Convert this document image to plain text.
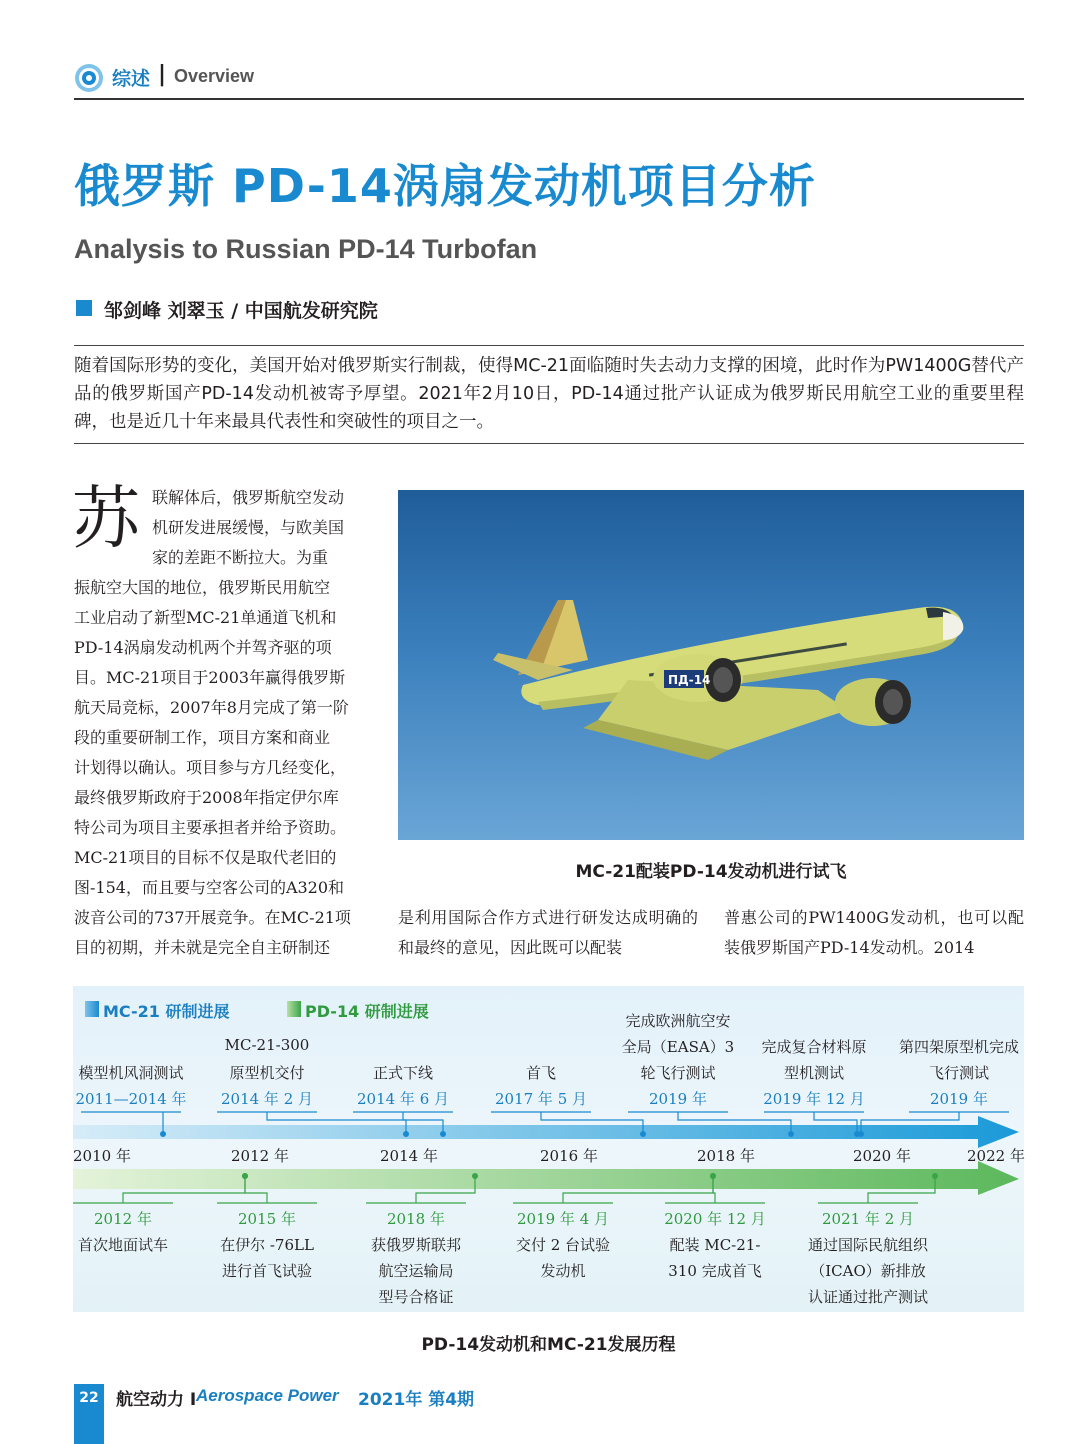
综述 | Overview
俄罗斯 PD-14涡扇发动机项目分析
Analysis to Russian PD-14 Turbofan
邹剑峰 刘翠玉 / 中国航发研究院
随着国际形势的变化，美国开始对俄罗斯实行制裁，使得MC-21面临随时失去动力支撑的困境，此时作为PW1400G替代产品的俄罗斯国产PD-14发动机被寄予厚望。2021年2月10日，PD-14通过批产认证成为俄罗斯民用航空工业的重要里程碑，也是近几十年来最具代表性和突破性的项目之一。
苏 联解体后，俄罗斯航空发动
机研发进展缓慢，与欧美国
家的差距不断拉大。为重
振航空大国的地位，俄罗斯民用航空
工业启动了新型MC-21单通道飞机和
PD-14涡扇发动机两个并驾齐驱的项
目。MC-21项目于2003年赢得俄罗斯
航天局竞标，2007年8月完成了第一阶
段的重要研制工作，项目方案和商业
计划得以确认。项目参与方几经变化，
最终俄罗斯政府于2008年指定伊尔库
特公司为项目主要承担者并给予资助。
MC-21项目的目标不仅是取代老旧的
图-154，而且要与空客公司的A320和
波音公司的737开展竞争。在MC-21项
目的初期，并未就是完全自主研制还
ПД-14
MC-21配装PD-14发动机进行试飞
是利用国际合作方式进行研发达成明确的和最终的意见，因此既可以配装
普惠公司的PW1400G发动机，也可以配装俄罗斯国产PD-14发动机。2014
MC-21 研制进展	PD-14 研制进展
2010 年	2012 年	2014 年	2016 年	2018 年	2020 年	2022 年
模型机风洞测试
2011—2014 年
MC-21-300
原型机交付
2014 年 2 月
正式下线
2014 年 6 月
首飞
2017 年 5 月
完成欧洲航空安
全局（EASA）3
轮飞行测试
2019 年
完成复合材料原
型机测试
2019 年 12 月
第四架原型机完成
飞行测试
2019 年
2012 年
首次地面试车
2015 年
在伊尔 -76LL
进行首飞试验
2018 年
获俄罗斯联邦
航空运输局
型号合格证
2019 年 4 月
交付 2 台试验
发动机
2020 年 12 月
配装 MC-21-
310 完成首飞
2021 年 2 月
通过国际民航组织
（ICAO）新排放
认证通过批产测试
PD-14发动机和MC-21发展历程
22	航空动力 I Aerospace Power 2021年 第4期
